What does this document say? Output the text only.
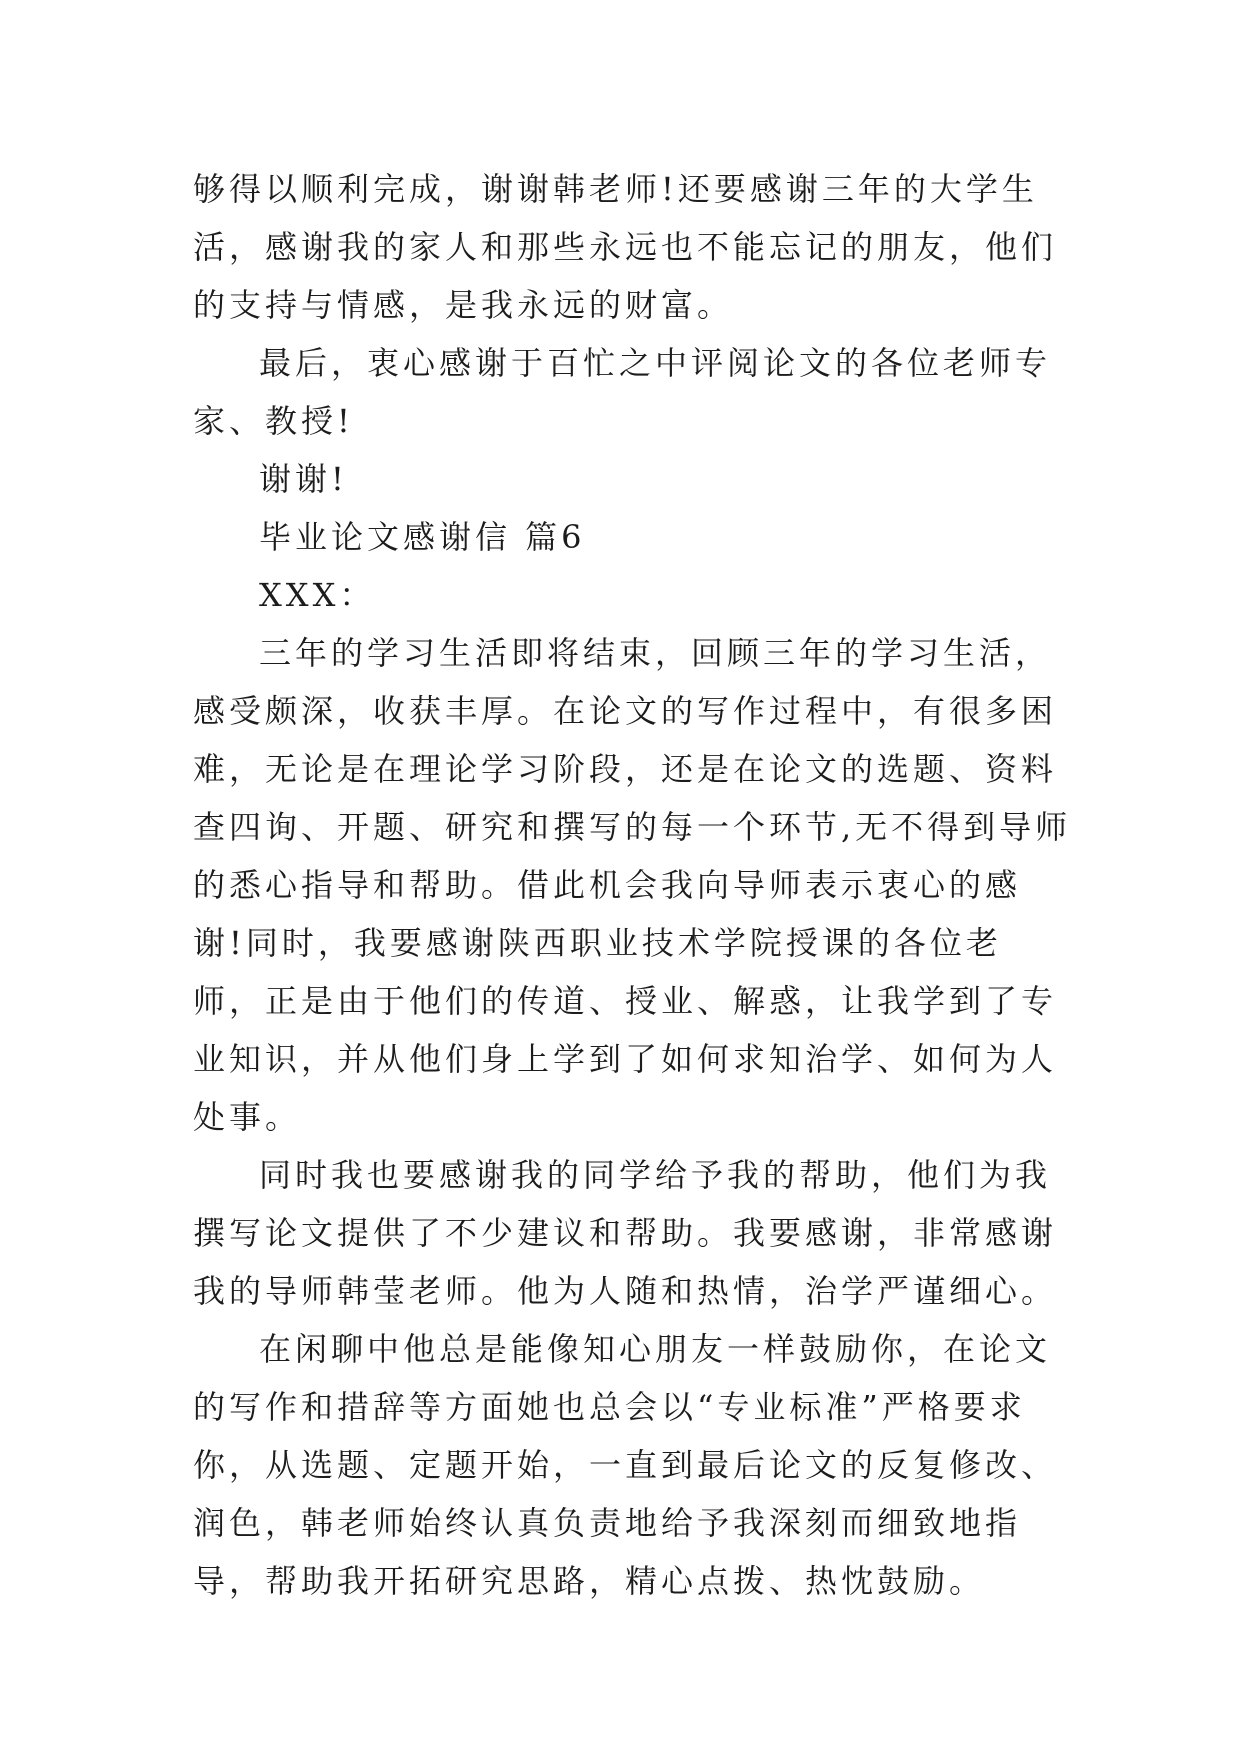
够得以顺利完成，谢谢韩老师!还要感谢三年的大学生活，感谢我的家人和那些永远也不能忘记的朋友，他们的支持与情感，是我永远的财富。

最后，衷心感谢于百忙之中评阅论文的各位老师专家、教授!

谢谢!

毕业论文感谢信 篇6

XXX：

三年的学习生活即将结束，回顾三年的学习生活，感受颇深，收获丰厚。在论文的写作过程中，有很多困难，无论是在理论学习阶段，还是在论文的选题、资料查四询、开题、研究和撰写的每一个环节,无不得到导师的悉心指导和帮助。借此机会我向导师表示衷心的感谢!同时，我要感谢陕西职业技术学院授课的各位老师，正是由于他们的传道、授业、解惑，让我学到了专业知识，并从他们身上学到了如何求知治学、如何为人处事。

同时我也要感谢我的同学给予我的帮助，他们为我撰写论文提供了不少建议和帮助。我要感谢，非常感谢我的导师韩莹老师。他为人随和热情，治学严谨细心。

在闲聊中他总是能像知心朋友一样鼓励你，在论文的写作和措辞等方面她也总会以“专业标准”严格要求你，从选题、定题开始，一直到最后论文的反复修改、润色，韩老师始终认真负责地给予我深刻而细致地指导，帮助我开拓研究思路，精心点拨、热忱鼓励。
